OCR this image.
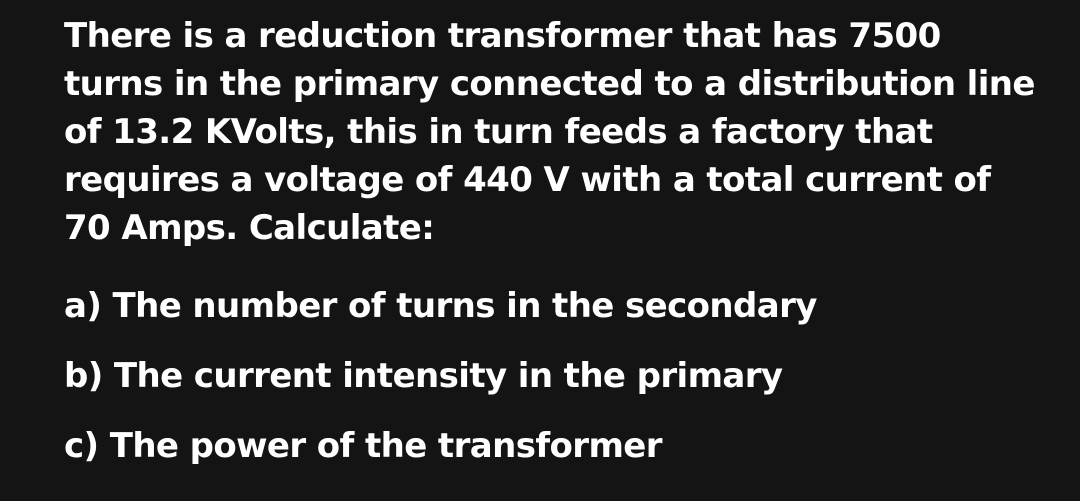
There is a reduction transformer that has 7500
turns in the primary connected to a distribution line
of 13.2 KVolts, this in turn feeds a factory that
requires a voltage of 440 V with a total current of
70 Amps. Calculate:
a) The number of turns in the secondary
b) The current intensity in the primary
c) The power of the transformer
